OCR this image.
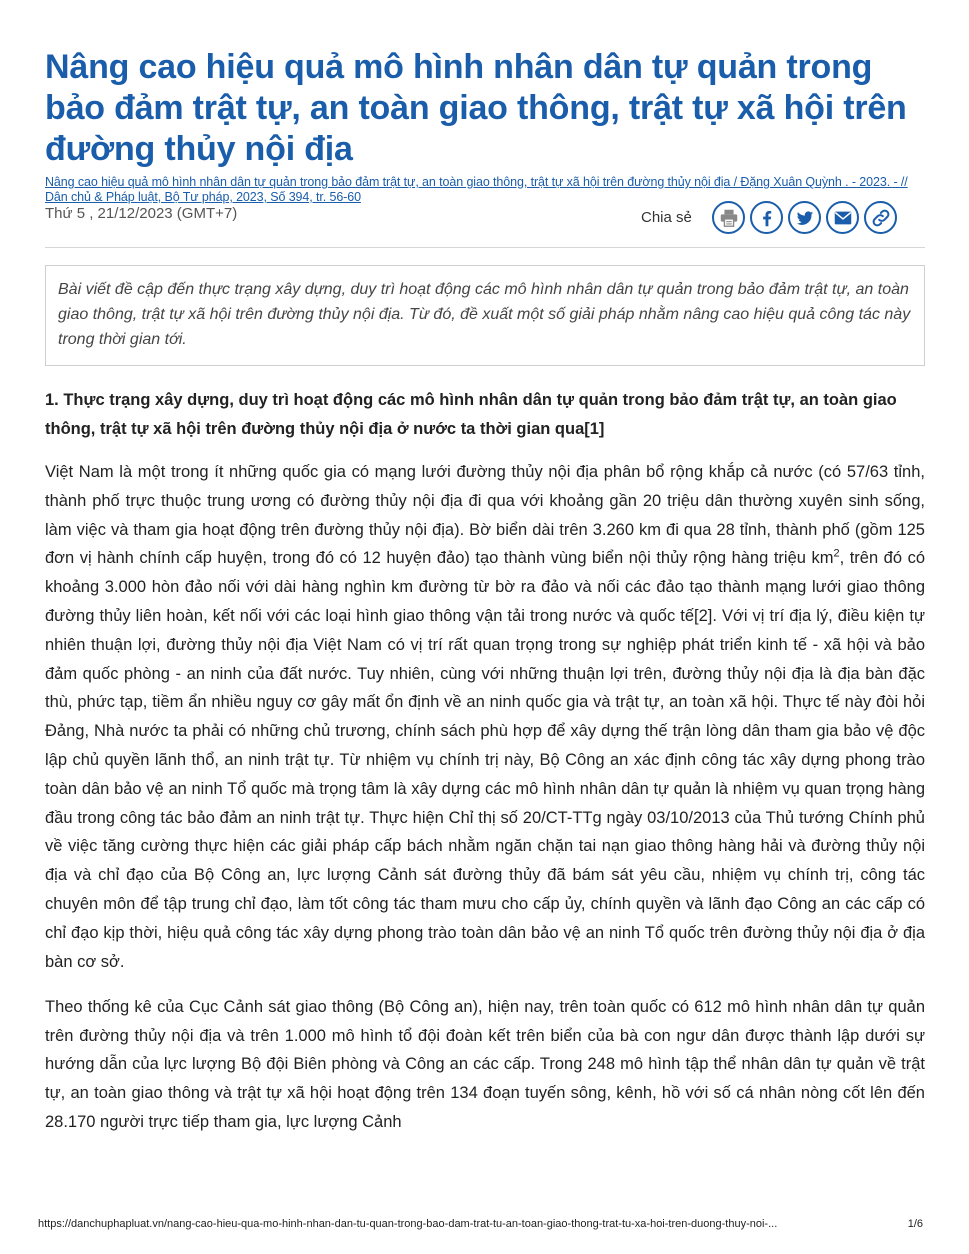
Nâng cao hiệu quả mô hình nhân dân tự quản trong bảo đảm trật tự, an toàn giao thông, trật tự xã hội trên đường thủy nội địa
Nâng cao hiệu quả mô hình nhân dân tự quản trong bảo đảm trật tự, an toàn giao thông, trật tự xã hội trên đường thủy nội địa / Đặng Xuân Quỳnh . - 2023. - // Dân chủ & Pháp luật, Bộ Tư pháp, 2023, Số 394, tr. 56-60
Thứ 5 , 21/12/2023 (GMT+7)	Chia sẻ
Bài viết đề cập đến thực trạng xây dựng, duy trì hoạt động các mô hình nhân dân tự quản trong bảo đảm trật tự, an toàn giao thông, trật tự xã hội trên đường thủy nội địa. Từ đó, đề xuất một số giải pháp nhằm nâng cao hiệu quả công tác này trong thời gian tới.
1. Thực trạng xây dựng, duy trì hoạt động các mô hình nhân dân tự quản trong bảo đảm trật tự, an toàn giao thông, trật tự xã hội trên đường thủy nội địa ở nước ta thời gian qua[1]

Việt Nam là một trong ít những quốc gia có mạng lưới đường thủy nội địa phân bổ rộng khắp cả nước (có 57/63 tỉnh, thành phố trực thuộc trung ương có đường thủy nội địa đi qua với khoảng gần 20 triệu dân thường xuyên sinh sống, làm việc và tham gia hoạt động trên đường thủy nội địa). Bờ biển dài trên 3.260 km đi qua 28 tỉnh, thành phố (gồm 125 đơn vị hành chính cấp huyện, trong đó có 12 huyện đảo) tạo thành vùng biển nội thủy rộng hàng triệu $km^2$, trên đó có khoảng 3.000 hòn đảo nối với dài hàng nghìn km đường từ bờ ra đảo và nối các đảo tạo thành mạng lưới giao thông đường thủy liên hoàn, kết nối với các loại hình giao thông vận tải trong nước và quốc tế[2]. Với vị trí địa lý, điều kiện tự nhiên thuận lợi, đường thủy nội địa Việt Nam có vị trí rất quan trọng trong sự nghiệp phát triển kinh tế - xã hội và bảo đảm quốc phòng - an ninh của đất nước. Tuy nhiên, cùng với những thuận lợi trên, đường thủy nội địa là địa bàn đặc thù, phức tạp, tiềm ẩn nhiều nguy cơ gây mất ổn định về an ninh quốc gia và trật tự, an toàn xã hội. Thực tế này đòi hỏi Đảng, Nhà nước ta phải có những chủ trương, chính sách phù hợp để xây dựng thế trận lòng dân tham gia bảo vệ độc lập chủ quyền lãnh thổ, an ninh trật tự. Từ nhiệm vụ chính trị này, Bộ Công an xác định công tác xây dựng phong trào toàn dân bảo vệ an ninh Tổ quốc mà trọng tâm là xây dựng các mô hình nhân dân tự quản là nhiệm vụ quan trọng hàng đầu trong công tác bảo đảm an ninh trật tự. Thực hiện Chỉ thị số 20/CT-TTg ngày 03/10/2013 của Thủ tướng Chính phủ về việc tăng cường thực hiện các giải pháp cấp bách nhằm ngăn chặn tai nạn giao thông hàng hải và đường thủy nội địa và chỉ đạo của Bộ Công an, lực lượng Cảnh sát đường thủy đã bám sát yêu cầu, nhiệm vụ chính trị, công tác chuyên môn để tập trung chỉ đạo, làm tốt công tác tham mưu cho cấp ủy, chính quyền và lãnh đạo Công an các cấp có chỉ đạo kịp thời, hiệu quả công tác xây dựng phong trào toàn dân bảo vệ an ninh Tổ quốc trên đường thủy nội địa ở địa bàn cơ sở.

Theo thống kê của Cục Cảnh sát giao thông (Bộ Công an), hiện nay, trên toàn quốc có 612 mô hình nhân dân tự quản trên đường thủy nội địa và trên 1.000 mô hình tổ đội đoàn kết trên biển của bà con ngư dân được thành lập dưới sự hướng dẫn của lực lượng Bộ đội Biên phòng và Công an các cấp. Trong 248 mô hình tập thể nhân dân tự quản về trật tự, an toàn giao thông và trật tự xã hội hoạt động trên 134 đoạn tuyến sông, kênh, hồ với số cá nhân nòng cốt lên đến 28.170 người trực tiếp tham gia, lực lượng Cảnh

https://danchuphapluat.vn/nang-cao-hieu-qua-mo-hinh-nhan-dan-tu-quan-trong-bao-dam-trat-tu-an-toan-giao-thong-trat-tu-xa-hoi-tren-duong-thuy-noi-...	1/6
